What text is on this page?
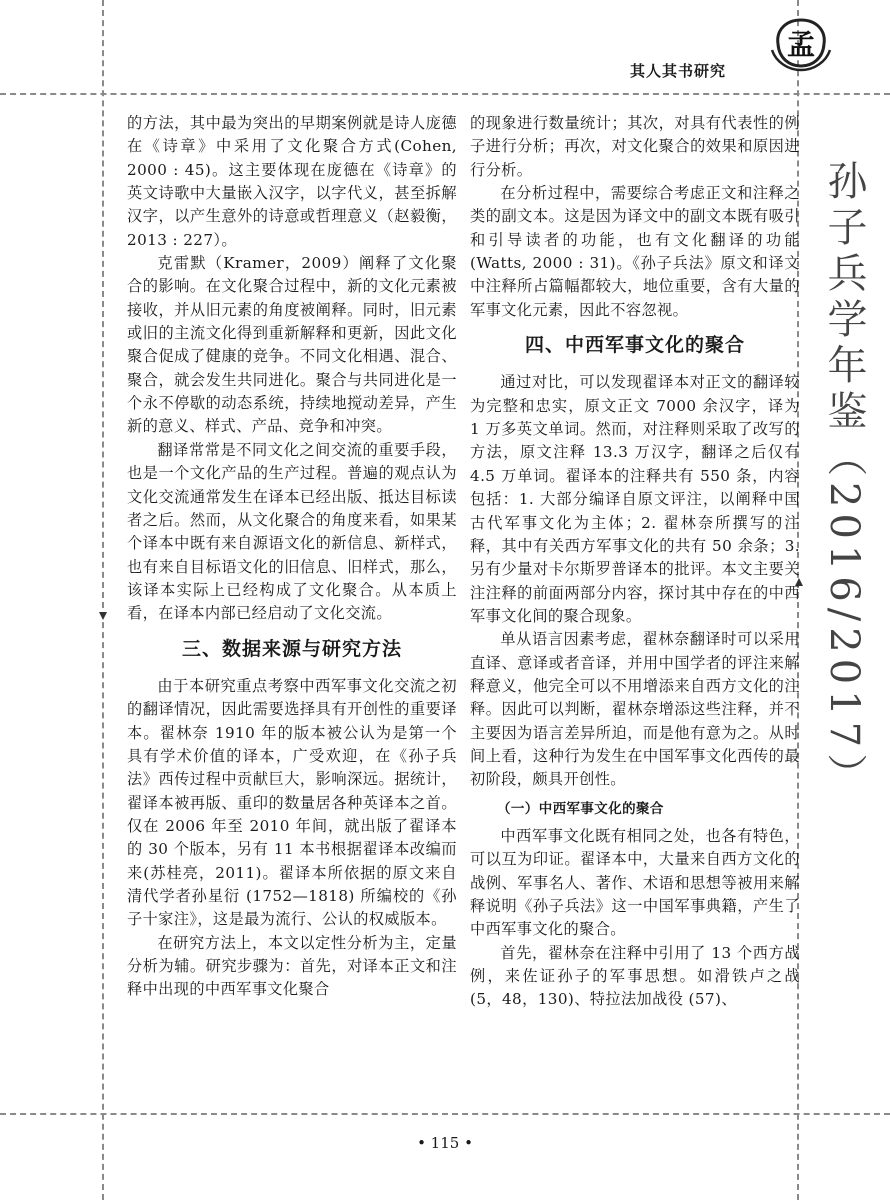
孟
其人其书研究
孙子兵学年鉴（2016/2017）

的方法，其中最为突出的早期案例就是诗人庞德在《诗章》中采用了文化聚合方式(Cohen, 2000 : 45)。这主要体现在庞德在《诗章》的英文诗歌中大量嵌入汉字，以字代义，甚至拆解汉字，以产生意外的诗意或哲理意义（赵毅衡，2013 : 227）。

克雷默（Kramer，2009）阐释了文化聚合的影响。在文化聚合过程中，新的文化元素被接收，并从旧元素的角度被阐释。同时，旧元素或旧的主流文化得到重新解释和更新，因此文化聚合促成了健康的竞争。不同文化相遇、混合、聚合，就会发生共同进化。聚合与共同进化是一个永不停歇的动态系统，持续地搅动差异，产生新的意义、样式、产品、竞争和冲突。

翻译常常是不同文化之间交流的重要手段，也是一个文化产品的生产过程。普遍的观点认为文化交流通常发生在译本已经出版、抵达目标读者之后。然而，从文化聚合的角度来看，如果某个译本中既有来自源语文化的新信息、新样式，也有来自目标语文化的旧信息、旧样式，那么，该译本实际上已经构成了文化聚合。从本质上看，在译本内部已经启动了文化交流。

三、数据来源与研究方法

由于本研究重点考察中西军事文化交流之初的翻译情况，因此需要选择具有开创性的重要译本。翟林奈 1910 年的版本被公认为是第一个具有学术价值的译本，广受欢迎，在《孙子兵法》西传过程中贡献巨大，影响深远。据统计，翟译本被再版、重印的数量居各种英译本之首。仅在 2006 年至 2010 年间，就出版了翟译本的 30 个版本，另有 11 本书根据翟译本改编而来(苏桂亮，2011)。翟译本所依据的原文来自清代学者孙星衍 (1752—1818) 所编校的《孙子十家注》，这是最为流行、公认的权威版本。

在研究方法上，本文以定性分析为主，定量分析为辅。研究步骤为：首先，对译本正文和注释中出现的中西军事文化聚合

的现象进行数量统计；其次，对具有代表性的例子进行分析；再次，对文化聚合的效果和原因进行分析。

在分析过程中，需要综合考虑正文和注释之类的副文本。这是因为译文中的副文本既有吸引和引导读者的功能，也有文化翻译的功能 (Watts, 2000 : 31)。《孙子兵法》原文和译文中注释所占篇幅都较大，地位重要，含有大量的军事文化元素，因此不容忽视。

四、中西军事文化的聚合

通过对比，可以发现翟译本对正文的翻译较为完整和忠实，原文正文 7000 余汉字，译为 1 万多英文单词。然而，对注释则采取了改写的方法，原文注释 13.3 万汉字，翻译之后仅有 4.5 万单词。翟译本的注释共有 550 条，内容包括：1. 大部分编译自原文评注，以阐释中国古代军事文化为主体；2. 翟林奈所撰写的注释，其中有关西方军事文化的共有 50 余条；3. 另有少量对卡尔斯罗普译本的批评。本文主要关注注释的前面两部分内容，探讨其中存在的中西军事文化间的聚合现象。

单从语言因素考虑，翟林奈翻译时可以采用直译、意译或者音译，并用中国学者的评注来解释意义，他完全可以不用增添来自西方文化的注释。因此可以判断，翟林奈增添这些注释，并不主要因为语言差异所迫，而是他有意为之。从时间上看，这种行为发生在中国军事文化西传的最初阶段，颇具开创性。

（一）中西军事文化的聚合

中西军事文化既有相同之处，也各有特色，可以互为印证。翟译本中，大量来自西方文化的战例、军事名人、著作、术语和思想等被用来解释说明《孙子兵法》这一中国军事典籍，产生了中西军事文化的聚合。

首先，翟林奈在注释中引用了 13 个西方战例，来佐证孙子的军事思想。如滑铁卢之战 (5，48，130)、特拉法加战役 (57)、

• 115 •
